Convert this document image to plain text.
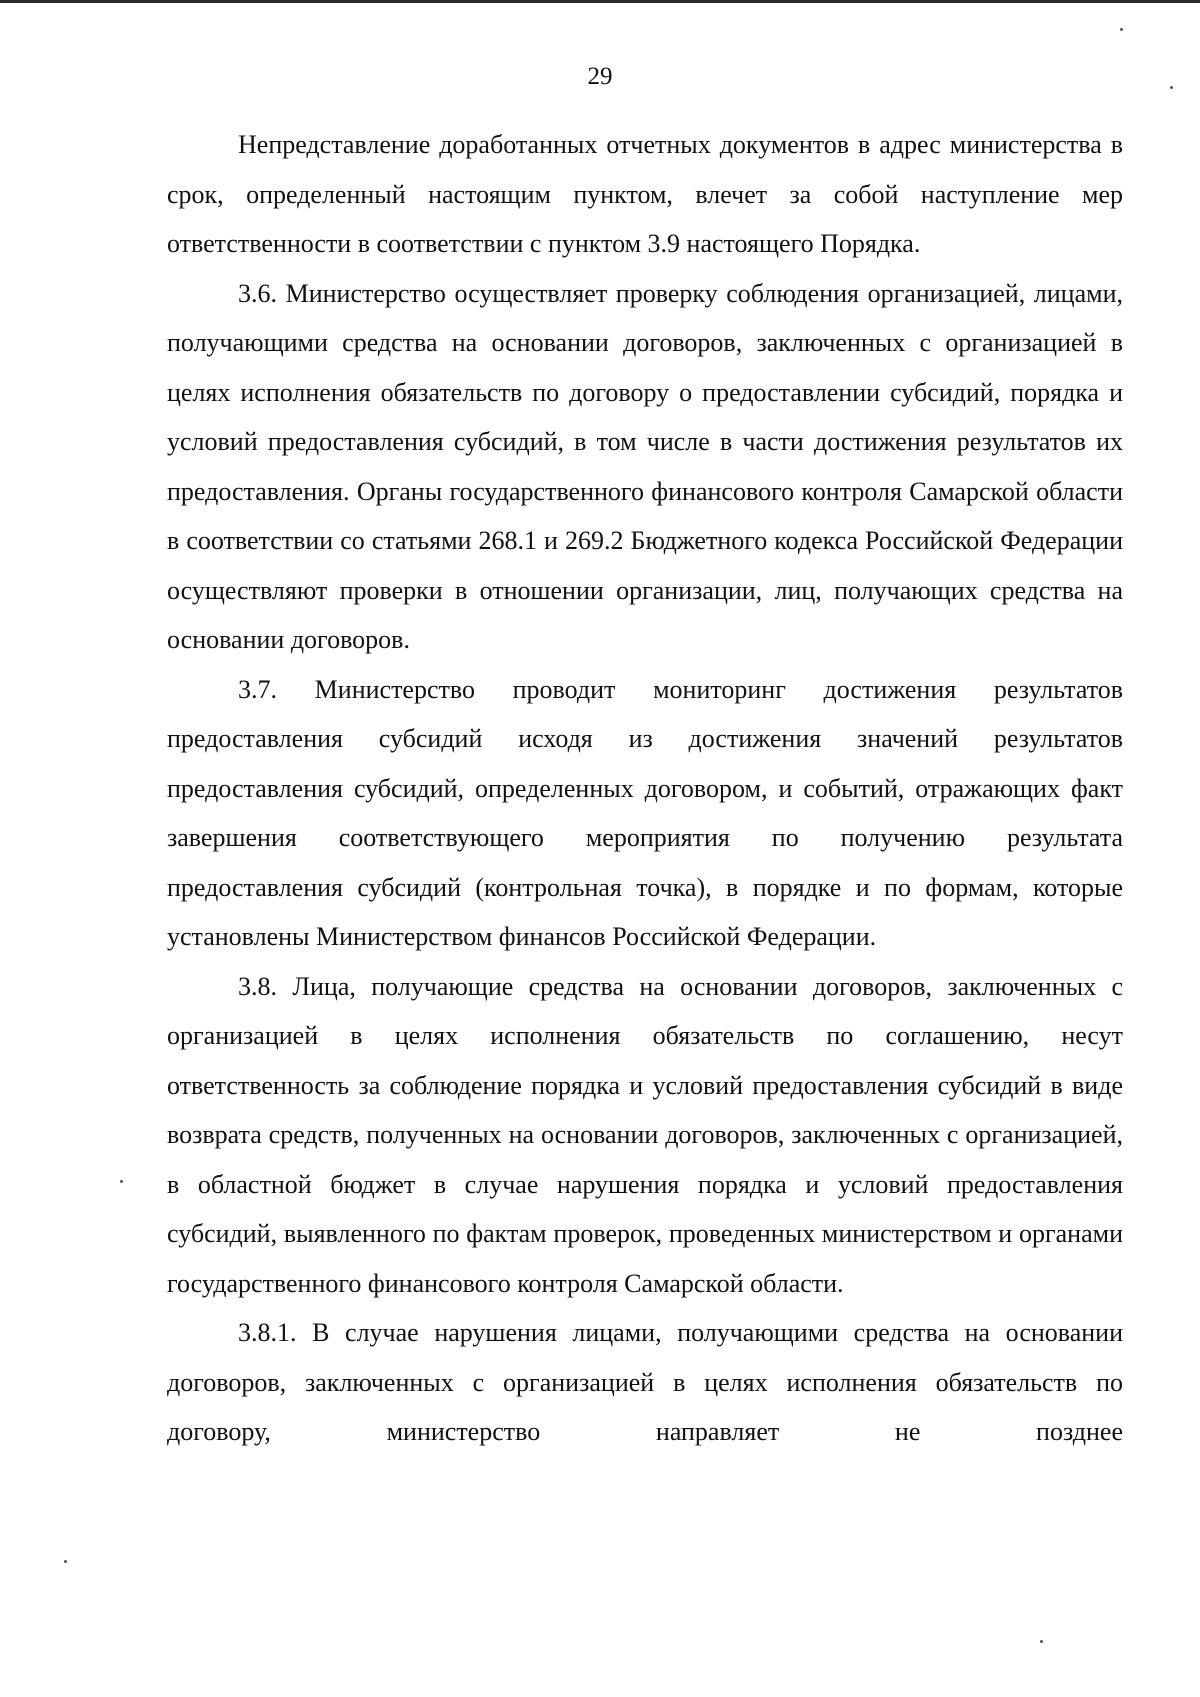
29

Непредставление доработанных отчетных документов в адрес министерства в срок, определенный настоящим пунктом, влечет за собой наступление мер ответственности в соответствии с пунктом 3.9 настоящего Порядка.

3.6. Министерство осуществляет проверку соблюдения организацией, лицами, получающими средства на основании договоров, заключенных с организацией в целях исполнения обязательств по договору о предоставлении субсидий, порядка и условий предоставления субсидий, в том числе в части достижения результатов их предоставления. Органы государственного финансового контроля Самарской области в соответствии со статьями 268.1 и 269.2 Бюджетного кодекса Российской Федерации осуществляют проверки в отношении организации, лиц, получающих средства на основании договоров.

3.7. Министерство проводит мониторинг достижения результатов предоставления субсидий исходя из достижения значений результатов предоставления субсидий, определенных договором, и событий, отражающих факт завершения соответствующего мероприятия по получению результата предоставления субсидий (контрольная точка), в порядке и по формам, которые установлены Министерством финансов Российской Федерации.

3.8. Лица, получающие средства на основании договоров, заключенных с организацией в целях исполнения обязательств по соглашению, несут ответственность за соблюдение порядка и условий предоставления субсидий в виде возврата средств, полученных на основании договоров, заключенных с организацией, в областной бюджет в случае нарушения порядка и условий предоставления субсидий, выявленного по фактам проверок, проведенных министерством и органами государственного финансового контроля Самарской области.

3.8.1. В случае нарушения лицами, получающими средства на основании договоров, заключенных с организацией в целях исполнения обязательств по договору, министерство направляет не позднее
